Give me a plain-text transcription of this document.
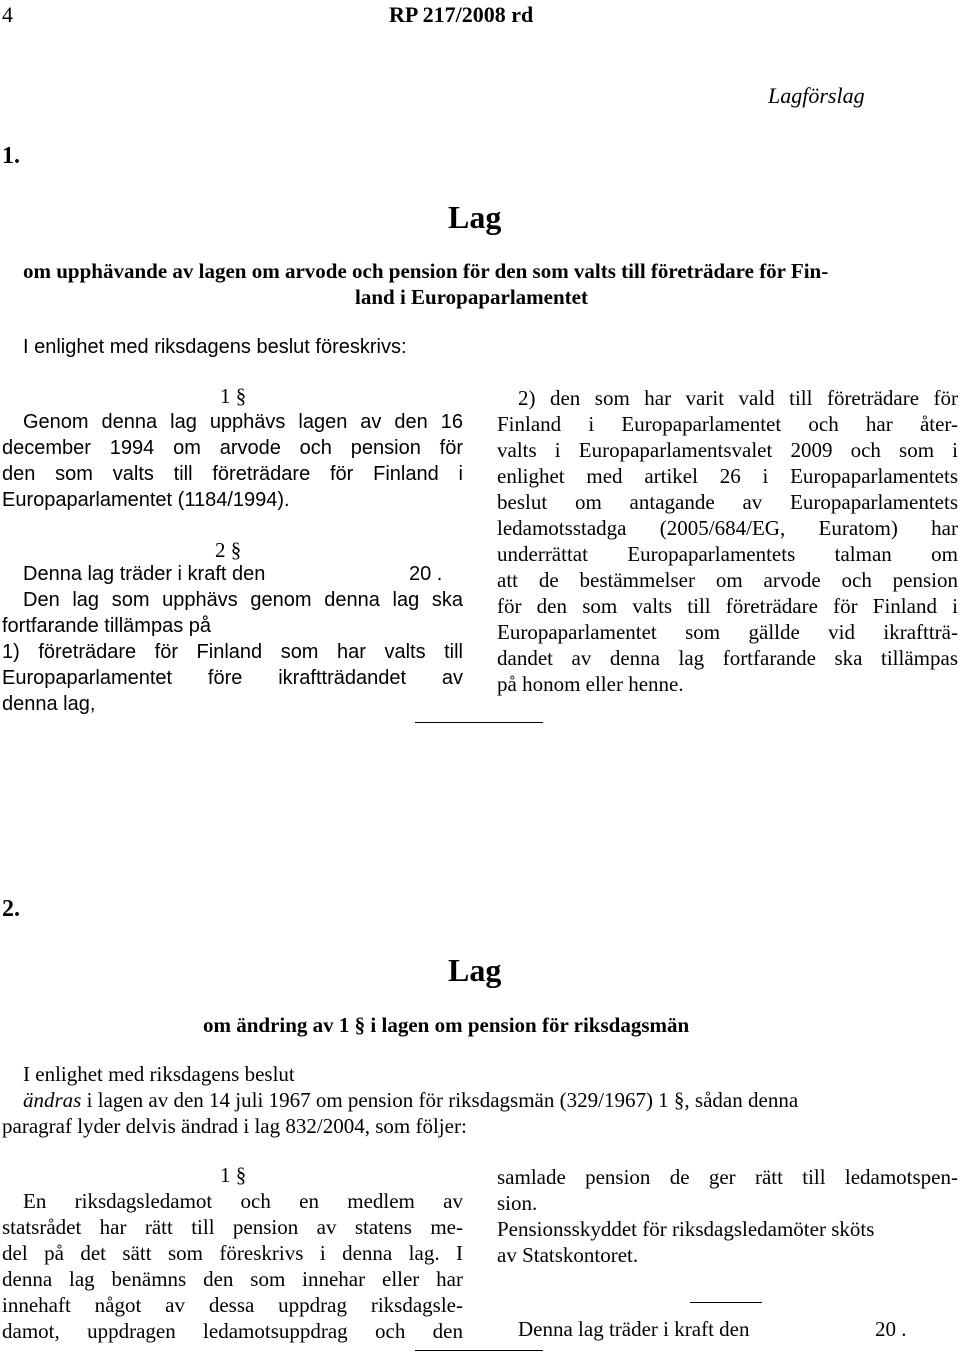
4	RP 217/2008 rd
Lagförslag
1.
Lag
om upphävande av lagen om arvode och pension för den som valts till företrädare för Fin-
land i Europaparlamentet
I enlighet med riksdagens beslut föreskrivs:
1 §
Genom denna lag upphävs lagen av den 16
december 1994 om arvode och pension för
den som valts till företrädare för Finland i
Europaparlamentet (1184/1994).
2 §
Denna lag träder i kraft den	20 .
Den lag som upphävs genom denna lag ska
fortfarande tillämpas på
1) företrädare för Finland som har valts till
Europaparlamentet före ikraftträdandet av
denna lag,
2) den som har varit vald till företrädare för
Finland i Europaparlamentet och har åter-
valts i Europaparlamentsvalet 2009 och som i
enlighet med artikel 26 i Europaparlamentets
beslut om antagande av Europaparlamentets
ledamotsstadga (2005/684/EG, Euratom) har
underrättat Europaparlamentets talman om
att de bestämmelser om arvode och pension
för den som valts till företrädare för Finland i
Europaparlamentet som gällde vid ikraftträ-
dandet av denna lag fortfarande ska tillämpas
på honom eller henne.
2.
Lag
om ändring av 1 § i lagen om pension för riksdagsmän
I enlighet med riksdagens beslut
ändras i lagen av den 14 juli 1967 om pension för riksdagsmän (329/1967) 1 §, sådan denna
paragraf lyder delvis ändrad i lag 832/2004, som följer:
1 §
En riksdagsledamot och en medlem av
statsrådet har rätt till pension av statens me-
del på det sätt som föreskrivs i denna lag. I
denna lag benämns den som innehar eller har
innehaft något av dessa uppdrag riksdagsle-
damot, uppdragen ledamotsuppdrag och den
samlade pension de ger rätt till ledamotspen-
sion.
Pensionsskyddet för riksdagsledamöter sköts
av Statskontoret.
Denna lag träder i kraft den	20 .
